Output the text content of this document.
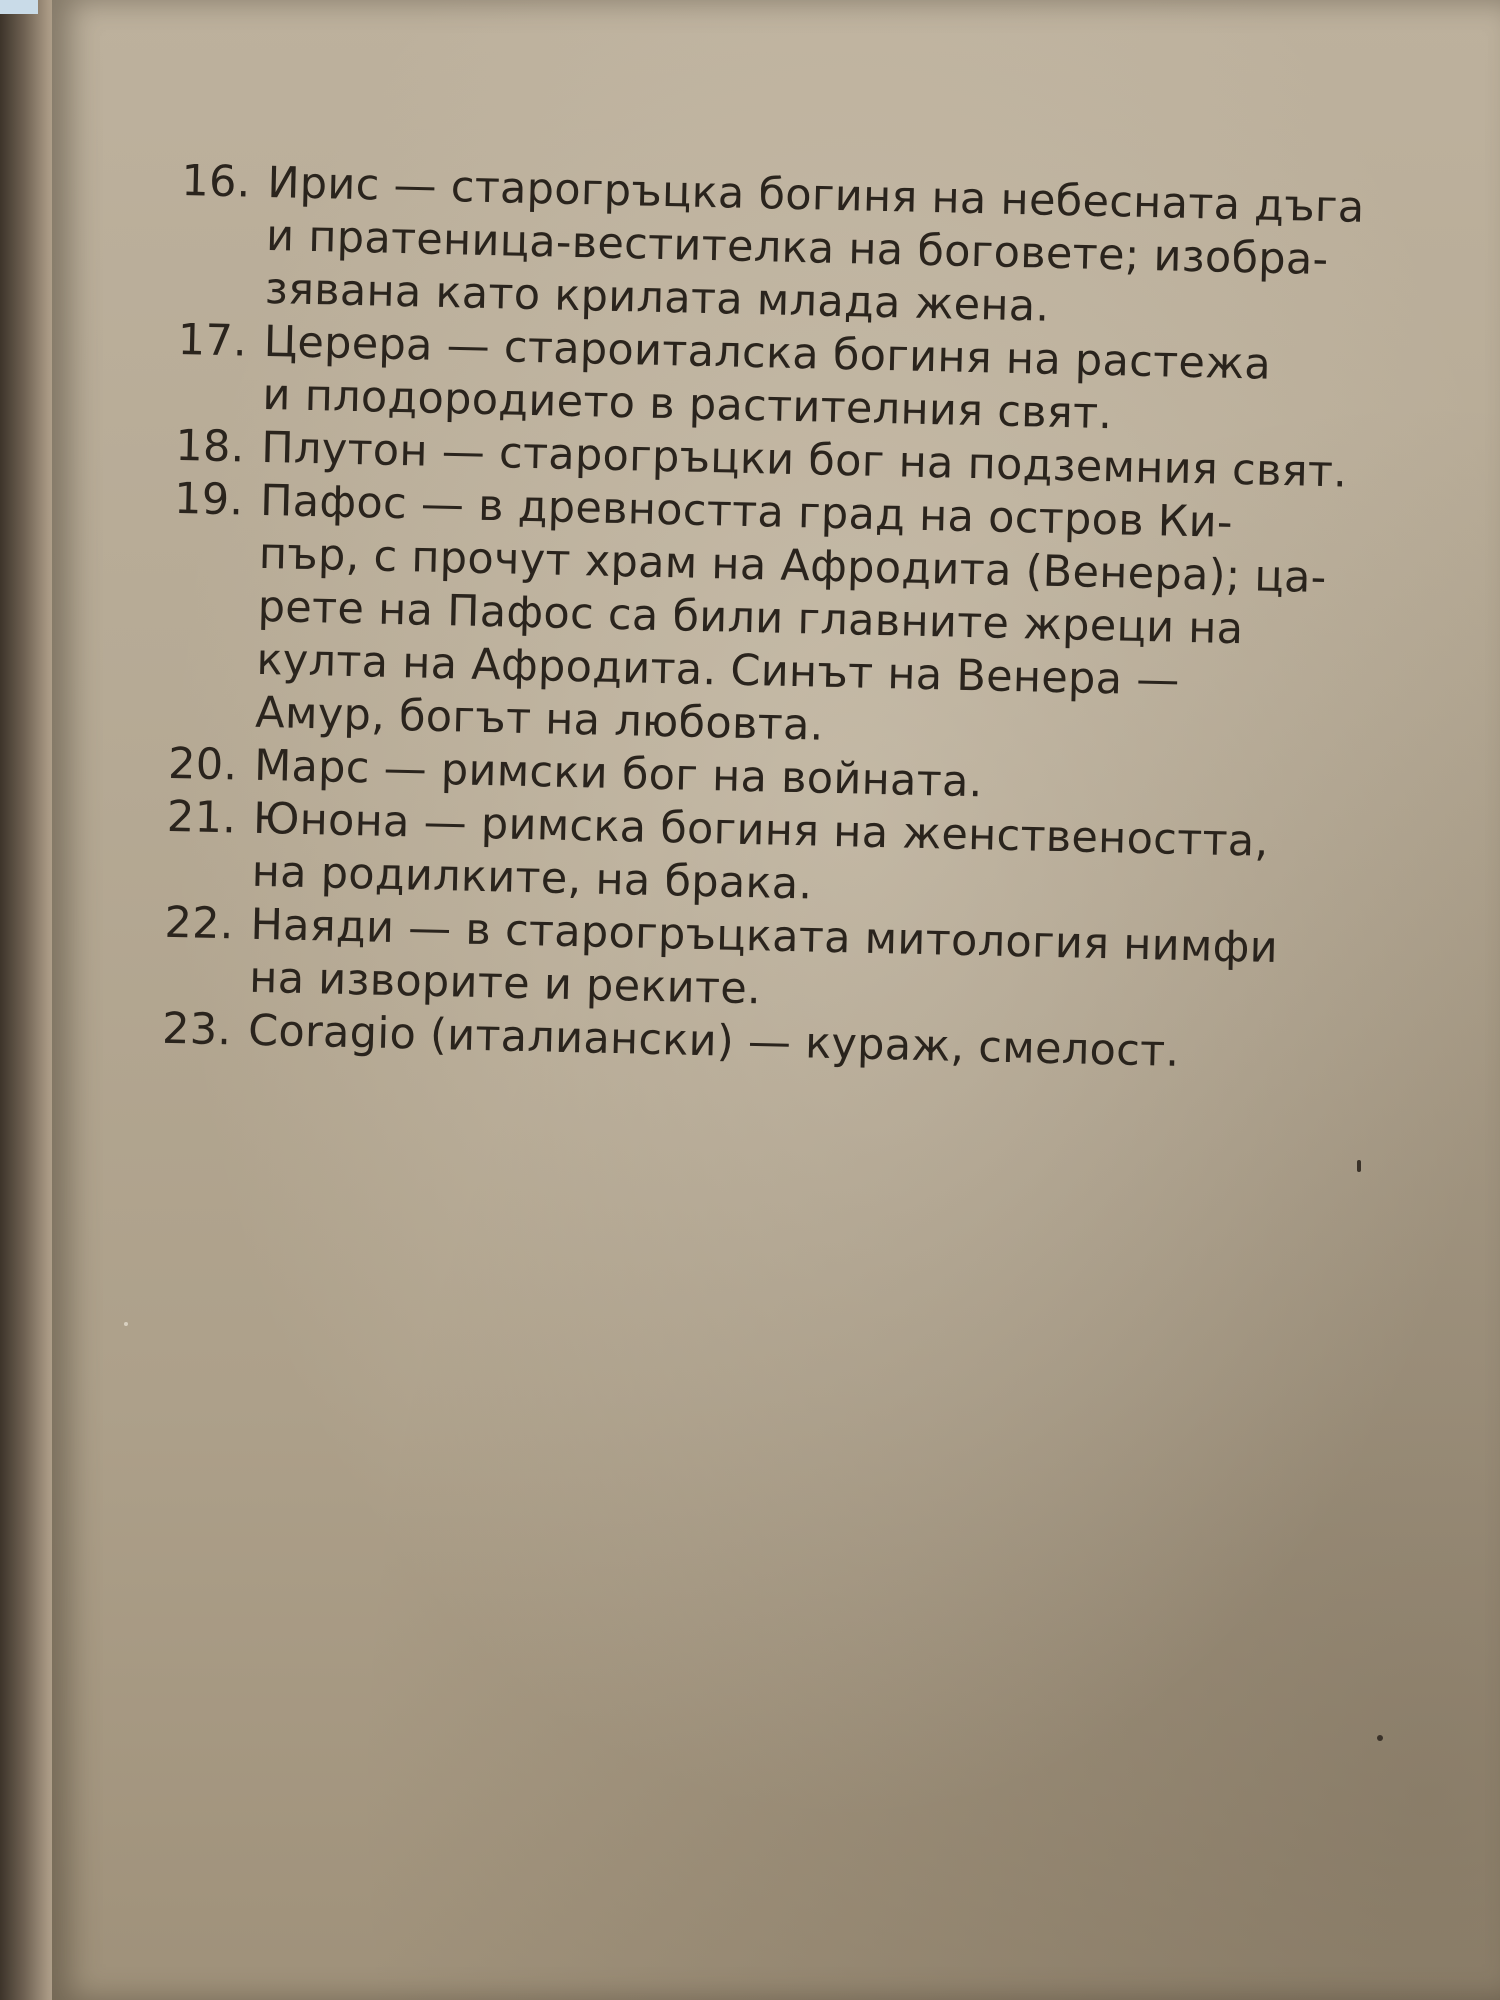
16. Ирис — старогръцка богиня на небесната дъга
и пратеница-вестителка на боговете; изобра-
зявана като крилата млада жена.
17. Церера — староиталска богиня на растежа
и плодородието в растителния свят.
18. Плутон — старогръцки бог на подземния свят.
19. Пафос — в древността град на остров Ки-
пър, с прочут храм на Афродита (Венера); ца-
рете на Пафос са били главните жреци на
култа на Афродита. Синът на Венера —
Амур, богът на любовта.
20. Марс — римски бог на войната.
21. Юнона — римска богиня на женствеността,
на родилките, на брака.
22. Наяди — в старогръцката митология нимфи
на изворите и реките.
23. Coragio (италиански) — кураж, смелост.
